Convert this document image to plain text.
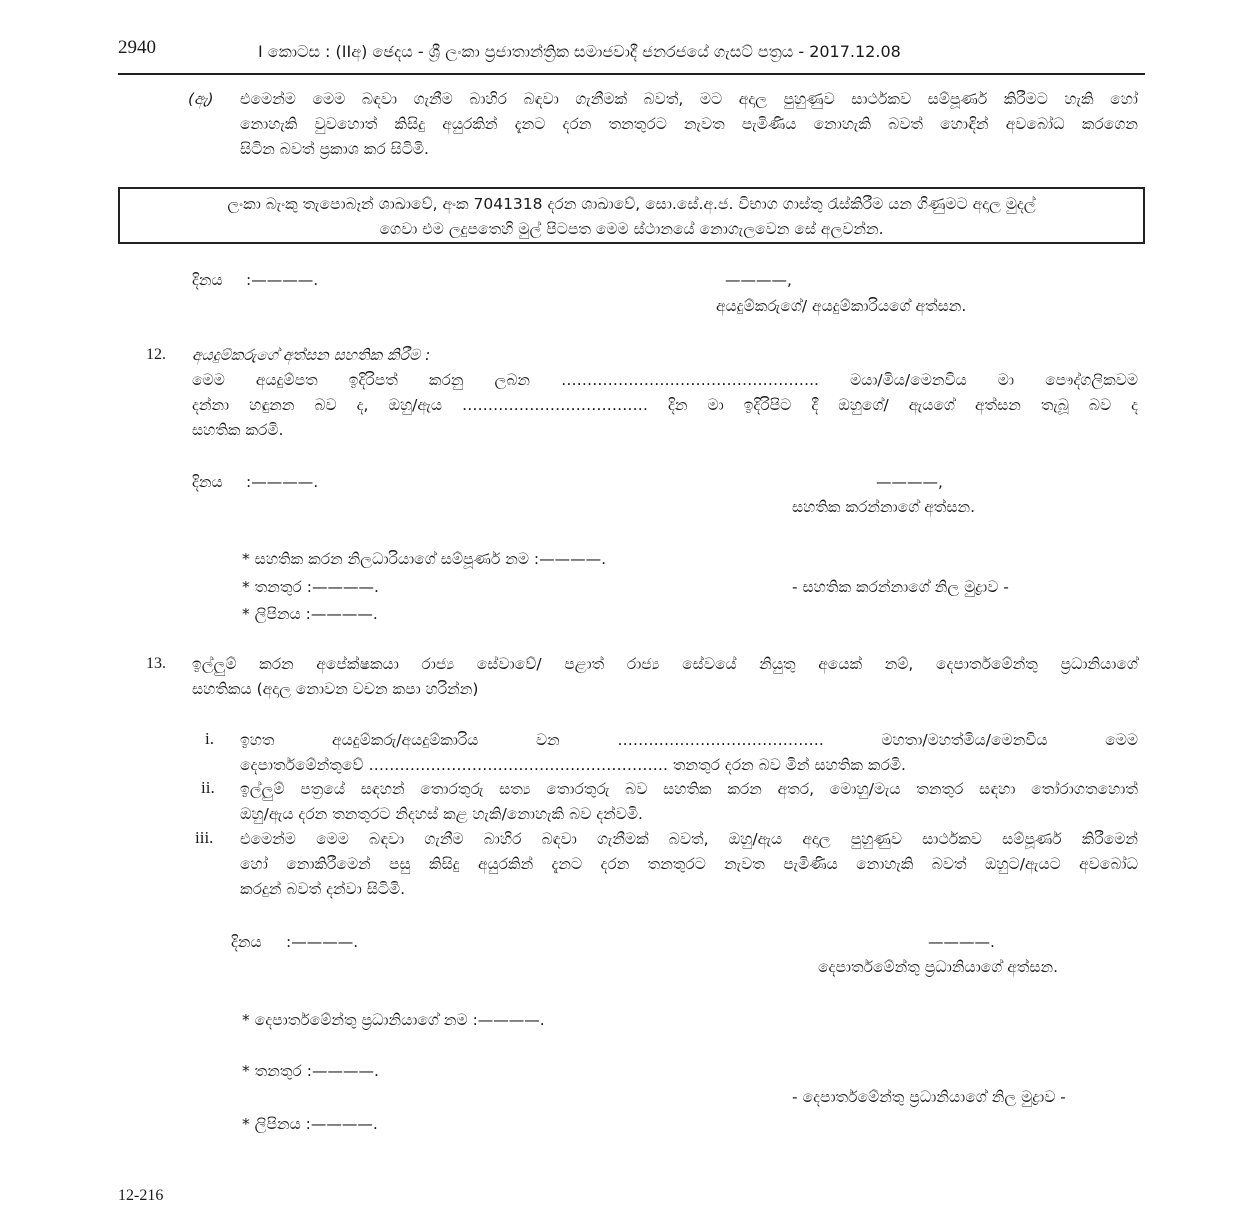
2940	I කොටස : (IIඅ) ඡෙදය - ශ්‍රී ලංකා ප්‍රජාතාන්ත්‍රික සමාජවාදී ජනරජයේ ගැසට් පත්‍රය - 2017.12.08
(ඇ) එමෙන්ම මෙම බඳවා ගැනීම බාහිර බඳවා ගැනීමක් බවත්, මට අදාල පුහුණුව සාර්ථකව සම්පූර්ණ කිරීමට හැකි හෝ
නොහැකි වුවහොත් කිසිදු අයුරකින් දැනට දරන තනතුරට නැවත පැමිණිය නොහැකි බවත් හොඳින් අවබෝධ කරගෙන
සිටින බවත් ප්‍රකාශ කර සිටිමි.
ලංකා බැංකු තැපොබෑන් ශාඛාවේ, අංක 7041318 දරන ශාඛාවේ, සො.සේ.අ.ජ. විභාග ගාස්තු රැස්කිරීම යන ගිණුමට අදාල මුදල්
ගෙවා එම ලදුපතෙහි මුල් පිටපත මෙම ස්ථානයේ නොගැලවෙන සේ අලවන්න.
දිනය :————.	————,
අයදුම්කරුගේ/ අයදුම්කාරියගේ අත්සන.
12. අයදුම්කරුගේ අත්සන සහතික කිරීම :
මෙම අයදුම්පත ඉදිරිපත් කරනු ලබන ………………………………………….. මයා/මිය/මෙනවිය මා පෞද්ගලිකවම
දන්නා හඳුනන බව ද, ඔහු/ඇය ……………………………… දින මා ඉදිරිපිට දී ඔහුගේ/ ඇයගේ අත්සන තැබූ බව ද
සහතික කරමි.
දිනය :————.	————,
සහතික කරන්නාගේ අත්සන.
* සහතික කරන නිලධාරියාගේ සම්පූර්ණ නම :————.
* තනතුර :————.	- සහතික කරන්නාගේ නිල මුද්‍රාව -
* ලිපිනය :————.
13. ඉල්ලුම් කරන අපේක්ෂකයා රාජ්‍ය සේවාවේ/ පළාත් රාජ්‍ය සේවයේ නියුතු අයෙක් නම්, දෙපාර්තමේන්තු ප්‍රධානියාගේ
සහතිකය (අදාල නොවන වචන කපා හරින්න)
i. ඉහත අයදුම්කරු/අයදුම්කාරිය වන …………………………………. මහතා/මහත්මිය/මෙනවිය මෙම
දෙපාර්තමේන්තුවේ …………………………………………………. තනතුර දරන බව මින් සහතික කරමි.
ii. ඉල්ලුම් පත්‍රයේ සඳහන් තොරතුරු සත්‍ය තොරතුරු බව සහතික කරන අතර, මොහු/මැය තනතුර සඳහා තෝරාගතහොත්
ඔහු/ඇය දරන තනතුරට නිදහස් කළ හැකි/නොහැකි බව දන්වමි.
iii. එමෙන්ම මෙම බඳවා ගැනීම බාහිර බඳවා ගැනීමක් බවත්, ඔහු/ඇය අදාල පුහුණුව සාර්ථකව සම්පූර්ණ කිරීමෙන්
හෝ නොකිරීමෙන් පසු කිසිදු අයුරකින් දැනට දරන තනතුරට නැවත පැමිණිය නොහැකි බවත් ඔහුට/ඇයට අවබෝධ
කරදුන් බවත් දන්වා සිටිමි.
දිනය :————.	————.
දෙපාර්තමේන්තු ප්‍රධානියාගේ අත්සන.
* දෙපාර්තමේන්තු ප්‍රධානියාගේ නම :————.
* තනතුර :————.
- දෙපාර්තමේන්තු ප්‍රධානියාගේ නිල මුද්‍රාව -
* ලිපිනය :————.
12-216
